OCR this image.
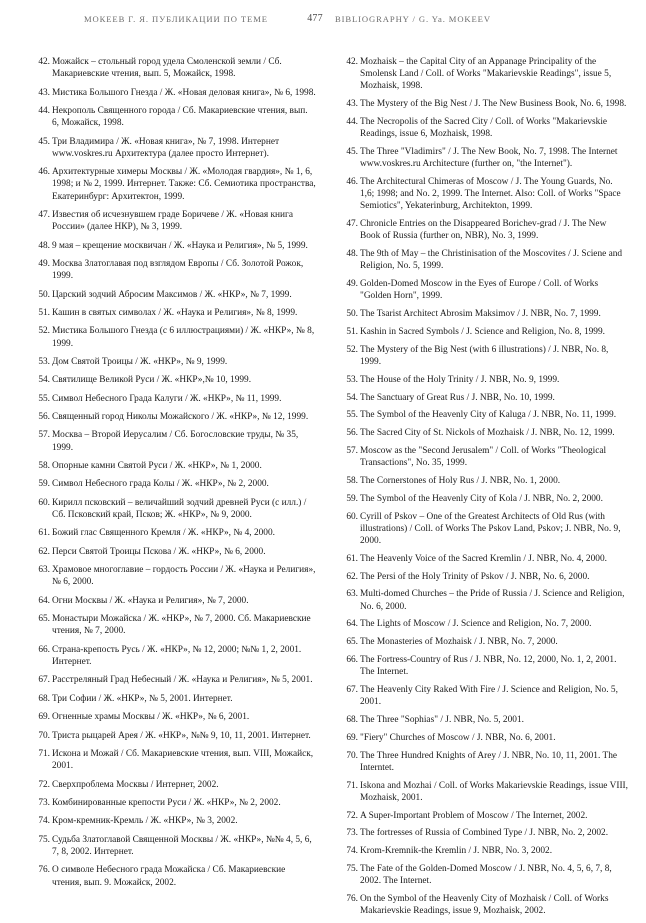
МОКЕЕВ Г. Я. ПУБЛИКАЦИИ ПО ТЕМЕ	477	BIBLIOGRAPHY / G. Ya. MOKEEV
42. Можайск – стольный город удела Смоленской земли / Сб. Макариевские чтения, вып. 5, Можайск, 1998.
43. Мистика Большого Гнезда / Ж. «Новая деловая книга», № 6, 1998.
44. Некрополь Священного города / Сб. Макариевские чтения, вып. 6, Можайск, 1998.
45. Три Владимира / Ж. «Новая книга», № 7, 1998. Интернет www.voskres.ru Архитектура (далее просто Интернет).
46. Архитектурные химеры Москвы / Ж. «Молодая гвардия», № 1, 6, 1998; и № 2, 1999. Интернет. Также: Сб. Семиотика пространства, Екатеринбург: Архитектон, 1999.
47. Известия об исчезнувшем граде Боричеве / Ж. «Новая книга России» (далее НКР), № 3, 1999.
48. 9 мая – крещение москвичан / Ж. «Наука и Религия», № 5, 1999.
49. Москва Златоглавая под взглядом Европы / Сб. Золотой Рожок, 1999.
50. Царский зодчий Абросим Максимов / Ж. «НКР», № 7, 1999.
51. Кашин в святых символах / Ж. «Наука и Религия», № 8, 1999.
52. Мистика Большого Гнезда (с 6 иллюстрациями) / Ж. «НКР», № 8, 1999.
53. Дом Святой Троицы / Ж. «НКР», № 9, 1999.
54. Святилище Великой Руси / Ж. «НКР»,№ 10, 1999.
55. Символ Небесного Града Калуги / Ж. «НКР», № 11, 1999.
56. Священный город Николы Можайского / Ж. «НКР», № 12, 1999.
57. Москва – Второй Иерусалим / Сб. Богословские труды, № 35, 1999.
58. Опорные камни Святой Руси / Ж. «НКР», № 1, 2000.
59. Символ Небесного града Колы / Ж. «НКР», № 2, 2000.
60. Кирилл псковский – величайший зодчий древней Руси (с илл.) / Сб. Псковский край, Псков; Ж. «НКР», № 9, 2000.
61. Божий глас Священного Кремля / Ж. «НКР», № 4, 2000.
62. Перси Святой Троицы Пскова / Ж. «НКР», № 6, 2000.
63. Храмовое многоглавие – гордость России / Ж. «Наука и Религия», № 6, 2000.
64. Огни Москвы / Ж. «Наука и Религия», № 7, 2000.
65. Монастыри Можайска / Ж. «НКР», № 7, 2000. Сб. Макариевские чтения, № 7, 2000.
66. Страна-крепость Русь / Ж. «НКР», № 12, 2000; №№ 1, 2, 2001. Интернет.
67. Расстреляный Град Небесный / Ж. «Наука и Религия», № 5, 2001.
68. Три Софии / Ж. «НКР», № 5, 2001. Интернет.
69. Огненные храмы Москвы / Ж. «НКР», № 6, 2001.
70. Триста рыцарей Арея / Ж. «НКР», №№ 9, 10, 11, 2001. Интернет.
71. Искона и Можай / Сб. Макариевские чтения, вып. VIII, Можайск, 2001.
72. Сверхпроблема Москвы / Интернет, 2002.
73. Комбинированные крепости Руси / Ж. «НКР», № 2, 2002.
74. Кром-кремник-Кремль / Ж. «НКР», № 3, 2002.
75. Судьба Златоглавой Священной Москвы / Ж. «НКР», №№ 4, 5, 6, 7, 8, 2002. Интернет.
76. О символе Небесного града Можайска / Сб. Макариевские чтения, вып. 9. Можайск, 2002.
42. Mozhaisk – the Capital City of an Appanage Principality of the Smolensk Land / Coll. of Works "Makarievskie Readings", issue 5, Mozhaisk, 1998.
43. The Mystery of the Big Nest / J. The New Business Book, No. 6, 1998.
44. The Necropolis of the Sacred City / Coll. of Works "Makarievskie Readings, issue 6, Mozhaisk, 1998.
45. The Three "Vladimirs" / J. The New Book, No. 7, 1998. The Internet www.voskres.ru Architecture (further on, "the Internet").
46. The Architectural Chimeras of Moscow / J. The Young Guards, No. 1,6; 1998; and No. 2, 1999. The Internet. Also: Coll. of Works "Space Semiotics", Yekaterinburg, Architekton, 1999.
47. Chronicle Entries on the Disappeared Borichev-grad / J. The New Book of Russia (further on, NBR), No. 3, 1999.
48. The 9th of May – the Christinisation of the Moscovites / J. Sciene and Religion, No. 5, 1999.
49. Golden-Domed Moscow in the Eyes of Europe / Coll. of Works "Golden Horn", 1999.
50. The Tsarist Architect Abrosim Maksimov / J. NBR, No. 7, 1999.
51. Kashin in Sacred Symbols / J. Science and Religion, No. 8, 1999.
52. The Mystery of the Big Nest (with 6 illustrations) / J. NBR, No. 8, 1999.
53. The House of the Holy Trinity / J. NBR, No. 9, 1999.
54. The Sanctuary of Great Rus / J. NBR, No. 10, 1999.
55. The Symbol of the Heavenly City of Kaluga / J. NBR, No. 11, 1999.
56. The Sacred City of St. Nickols of Mozhaisk / J. NBR, No. 12, 1999.
57. Moscow as the "Second Jerusalem" / Coll. of Works "Theological Transactions", No. 35, 1999.
58. The Cornerstones of Holy Rus / J. NBR, No. 1, 2000.
59. The Symbol of the Heavenly City of Kola / J. NBR, No. 2, 2000.
60. Cyrill of Pskov – One of the Greatest Architects of Old Rus (with illustrations) / Coll. of Works The Pskov Land, Pskov; J. NBR, No. 9, 2000.
61. The Heavenly Voice of the Sacred Kremlin / J. NBR, No. 4, 2000.
62. The Persi of the Holy Trinity of Pskov / J. NBR, No. 6, 2000.
63. Multi-domed Churches – the Pride of Russia / J. Science and Religion, No. 6, 2000.
64. The Lights of Moscow / J. Science and Religion, No. 7, 2000.
65. The Monasteries of Mozhaisk / J. NBR, No. 7, 2000.
66. The Fortress-Country of Rus / J. NBR, No. 12, 2000, No. 1, 2, 2001. The Internet.
67. The Heavenly City Raked With Fire / J. Science and Religion, No. 5, 2001.
68. The Three "Sophias" / J. NBR, No. 5, 2001.
69. "Fiery" Churches of Moscow / J. NBR, No. 6, 2001.
70. The Three Hundred Knights of Arey / J. NBR, No. 10, 11, 2001. The Interntet.
71. Iskona and Mozhai / Coll. of Works Makarievskie Readings, issue VIII, Mozhaisk, 2001.
72. A Super-Important Problem of Moscow / The Internet, 2002.
73. The fortresses of Russia of Combined Type / J. NBR, No. 2, 2002.
74. Krom-Kremnik-the Kremlin / J. NBR, No. 3, 2002.
75. The Fate of the Golden-Domed Moscow / J. NBR, No. 4, 5, 6, 7, 8, 2002. The Internet.
76. On the Symbol of the Heavenly City of Mozhaisk / Coll. of Works Makarievskie Readings, issue 9, Mozhaisk, 2002.
